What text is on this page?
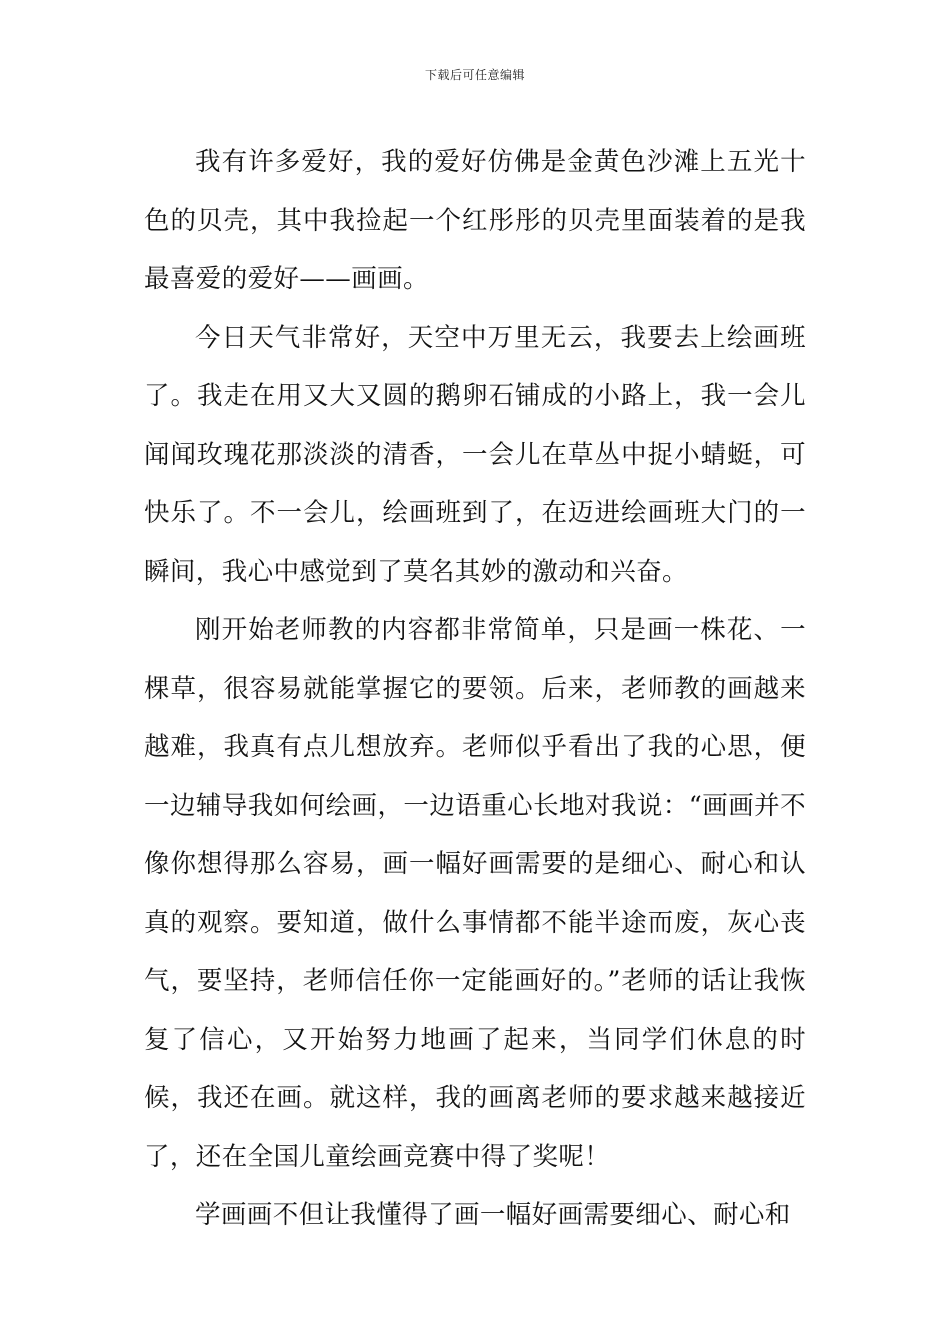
下载后可任意编辑

我有许多爱好，我的爱好仿佛是金黄色沙滩上五光十色的贝壳，其中我捡起一个红彤彤的贝壳里面装着的是我最喜爱的爱好——画画。

今日天气非常好，天空中万里无云，我要去上绘画班了。我走在用又大又圆的鹅卵石铺成的小路上，我一会儿闻闻玫瑰花那淡淡的清香，一会儿在草丛中捉小蜻蜓，可快乐了。不一会儿，绘画班到了，在迈进绘画班大门的一瞬间，我心中感觉到了莫名其妙的激动和兴奋。

刚开始老师教的内容都非常简单，只是画一株花、一棵草，很容易就能掌握它的要领。后来，老师教的画越来越难，我真有点儿想放弃。老师似乎看出了我的心思，便一边辅导我如何绘画，一边语重心长地对我说：“画画并不像你想得那么容易，画一幅好画需要的是细心、耐心和认真的观察。要知道，做什么事情都不能半途而废，灰心丧气，要坚持，老师信任你一定能画好的。”老师的话让我恢复了信心，又开始努力地画了起来，当同学们休息的时候，我还在画。就这样，我的画离老师的要求越来越接近了，还在全国儿童绘画竞赛中得了奖呢！

学画画不但让我懂得了画一幅好画需要细心、耐心和
